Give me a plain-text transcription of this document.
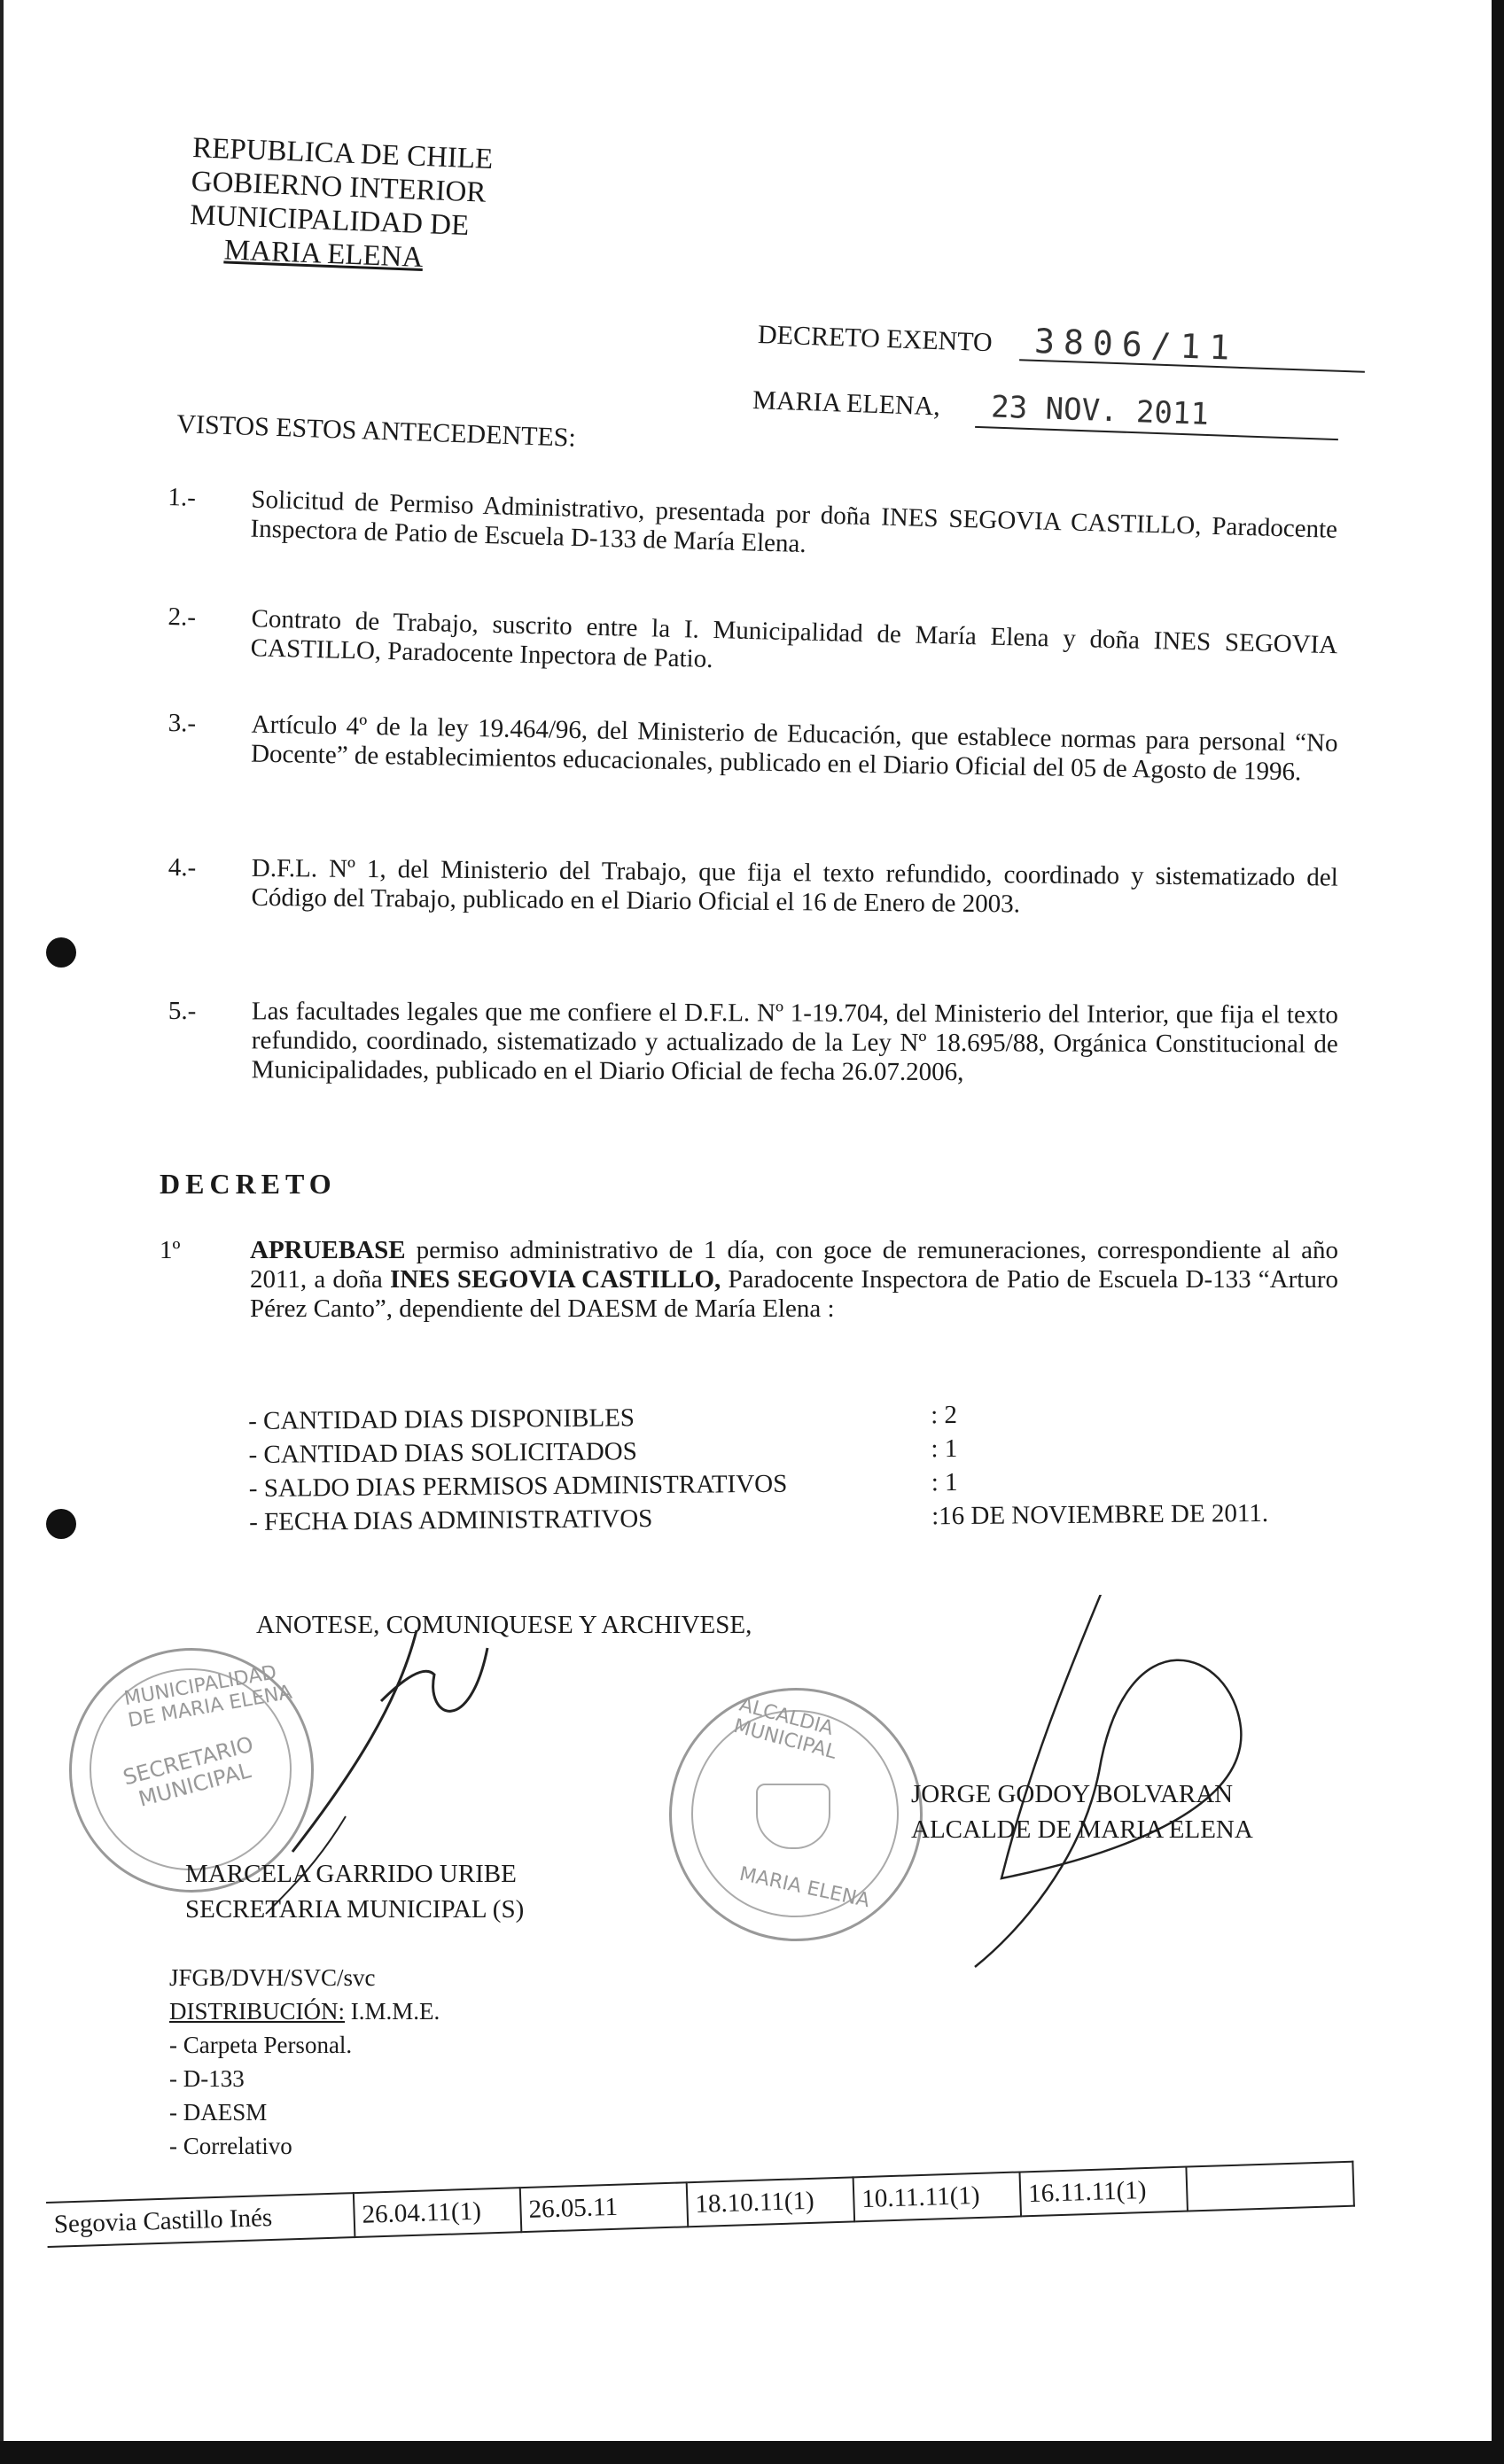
REPUBLICA DE CHILE
GOBIERNO INTERIOR
MUNICIPALIDAD DE
MARIA ELENA
DECRETO EXENTO 3806/11
MARIA ELENA, 23 NOV. 2011
VISTOS ESTOS ANTECEDENTES:
1.- Solicitud de Permiso Administrativo, presentada por doña INES SEGOVIA CASTILLO, Paradocente Inspectora de Patio de Escuela D-133 de María Elena.
2.- Contrato de Trabajo, suscrito entre la I. Municipalidad de María Elena y doña INES SEGOVIA CASTILLO, Paradocente Inpectora de Patio.
3.- Artículo 4º de la ley 19.464/96, del Ministerio de Educación, que establece normas para personal “No Docente” de establecimientos educacionales, publicado en el Diario Oficial del 05 de Agosto de 1996.
4.- D.F.L. Nº 1, del Ministerio del Trabajo, que fija el texto refundido, coordinado y sistematizado del Código del Trabajo, publicado en el Diario Oficial el 16 de Enero de 2003.
5.- Las facultades legales que me confiere el D.F.L. Nº 1-19.704, del Ministerio del Interior, que fija el texto refundido, coordinado, sistematizado y actualizado de la Ley Nº 18.695/88, Orgánica Constitucional de Municipalidades, publicado en el Diario Oficial de fecha 26.07.2006,
DECRETO
1º	APRUEBASE permiso administrativo de 1 día, con goce de remuneraciones, correspondiente al año 2011, a doña INES SEGOVIA CASTILLO, Paradocente Inspectora de Patio de Escuela D-133 “Arturo Pérez Canto”, dependiente del DAESM de María Elena :
- CANTIDAD DIAS DISPONIBLES	: 2
- CANTIDAD DIAS SOLICITADOS	: 1
- SALDO DIAS PERMISOS ADMINISTRATIVOS	: 1
- FECHA DIAS ADMINISTRATIVOS	:16 DE NOVIEMBRE DE 2011.
ANOTESE, COMUNIQUESE Y ARCHIVESE,
MUNICIPALIDAD DE MARIA ELENA
SECRETARIO MUNICIPAL
ALCALDIA MUNICIPAL
MARIA ELENA
MARCELA GARRIDO URIBE
SECRETARIA MUNICIPAL (S)
JORGE GODOY BOLVARAN
ALCALDE DE MARIA ELENA
JFGB/DVH/SVC/svc
DISTRIBUCIÓN: I.M.M.E.
- Carpeta Personal.
- D-133
- DAESM
- Correlativo
Segovia Castillo Inés	26.04.11(1)	26.05.11	18.10.11(1)	10.11.11(1)	16.11.11(1)	
